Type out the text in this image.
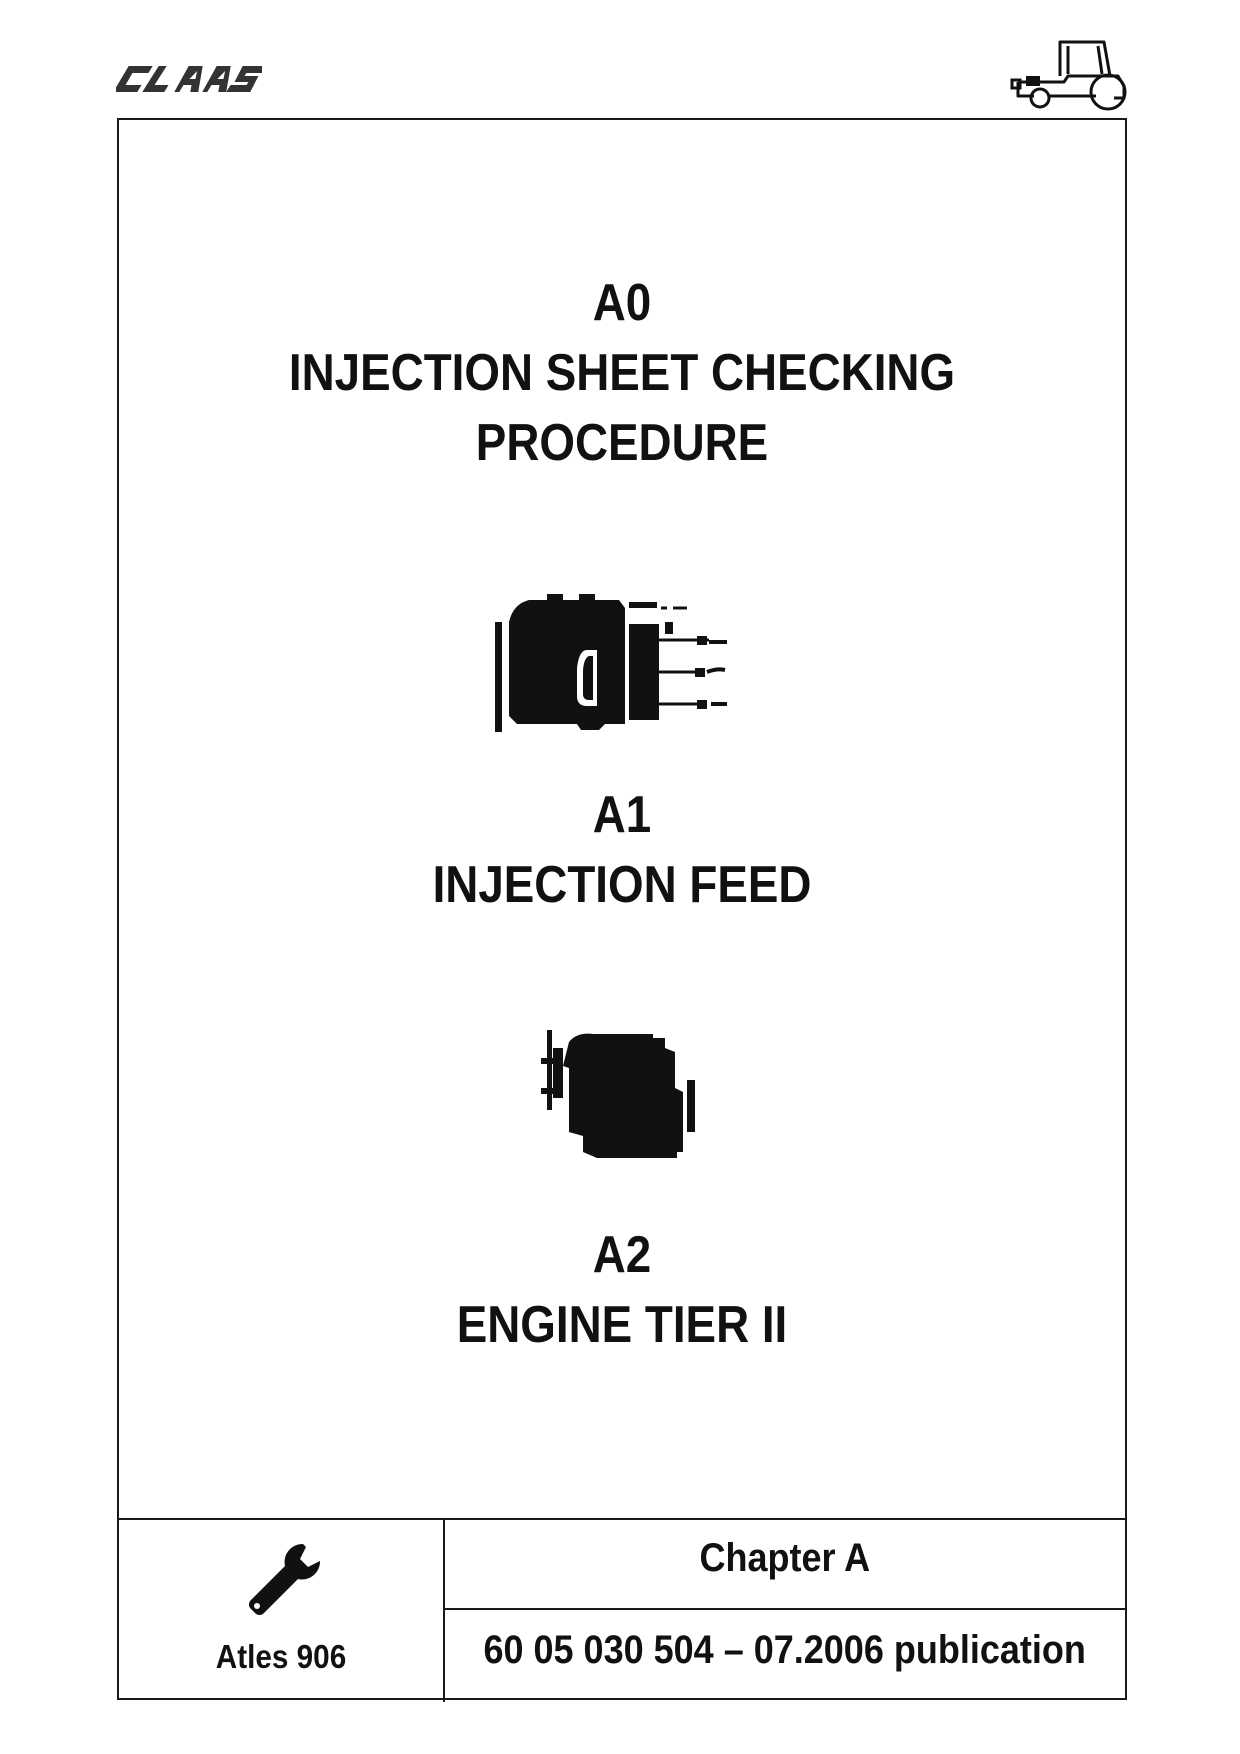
A0
INJECTION SHEET CHECKING
PROCEDURE
A1
INJECTION FEED
A2
ENGINE TIER II
Atles 906
Chapter A
60 05 030 504 – 07.2006 publication
